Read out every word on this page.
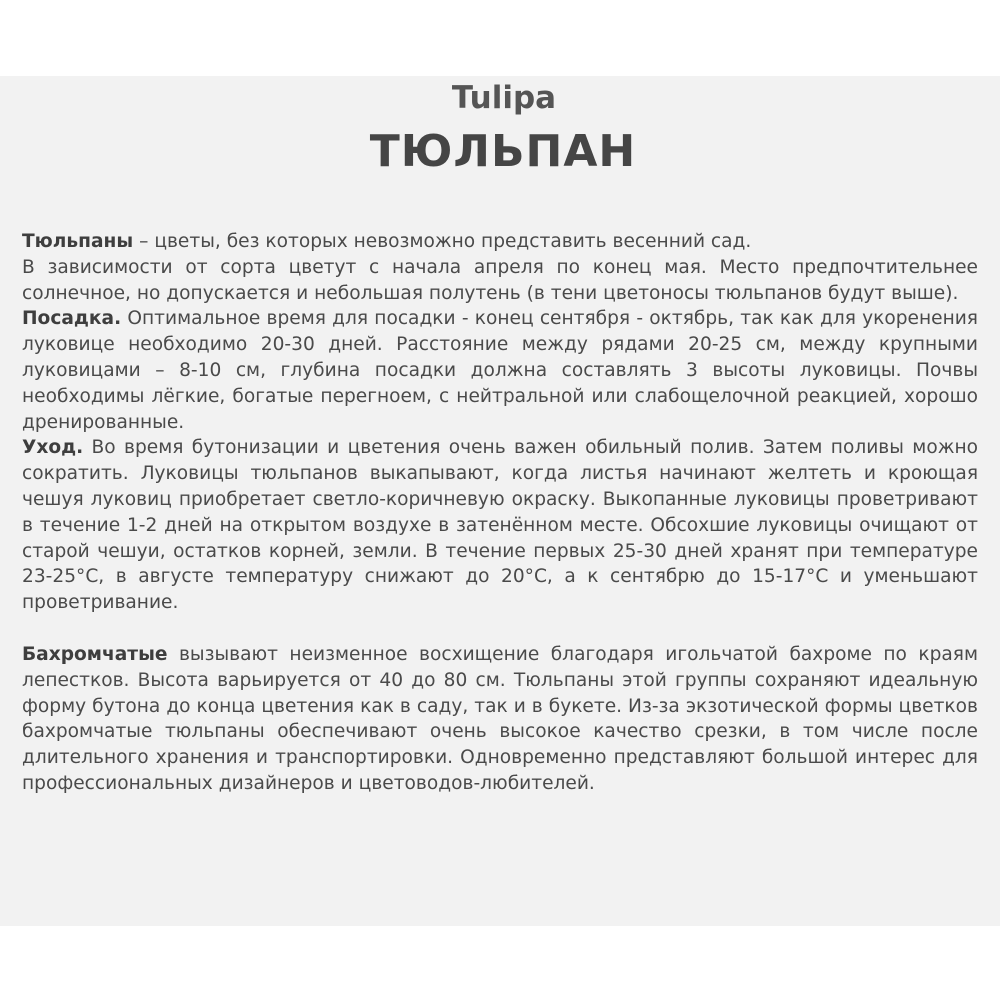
Tulipa
ТЮЛЬПАН

Тюльпаны – цветы, без которых невозможно представить весенний сад.

В зависимости от сорта цветут с начала апреля по конец мая. Место предпочтительнее солнечное, но допускается и небольшая полутень (в тени цветоносы тюльпанов будут выше).

Посадка. Оптимальное время для посадки - конец сентября - октябрь, так как для укоренения луковице необходимо 20-30 дней. Расстояние между рядами 20-25 см, между крупными луковицами – 8-10 см, глубина посадки должна составлять 3 высоты луковицы. Почвы необходимы лёгкие, богатые перегноем, с нейтральной или слабощелочной реакцией, хорошо дренированные.

Уход. Во время бутонизации и цветения очень важен обильный полив. Затем поливы можно сократить. Луковицы тюльпанов выкапывают, когда листья начинают желтеть и кроющая чешуя луковиц приобретает светло-коричневую окраску. Выкопанные луковицы проветривают в течение 1-2 дней на открытом воздухе в затенённом месте. Обсохшие луковицы очищают от старой чешуи, остатков корней, земли. В течение первых 25-30 дней хранят при температуре 23-25°С, в августе температуру снижают до 20°С, а к сентябрю до 15-17°С и уменьшают проветривание.

Бахромчатые вызывают неизменное восхищение благодаря игольчатой бахроме по краям лепестков. Высота варьируется от 40 до 80 см. Тюльпаны этой группы сохраняют идеальную форму бутона до конца цветения как в саду, так и в букете. Из-за экзотической формы цветков бахромчатые тюльпаны обеспечивают очень высокое качество срезки, в том числе после длительного хранения и транспортировки. Одновременно представляют большой интерес для профессиональных дизайнеров и цветоводов-любителей.
